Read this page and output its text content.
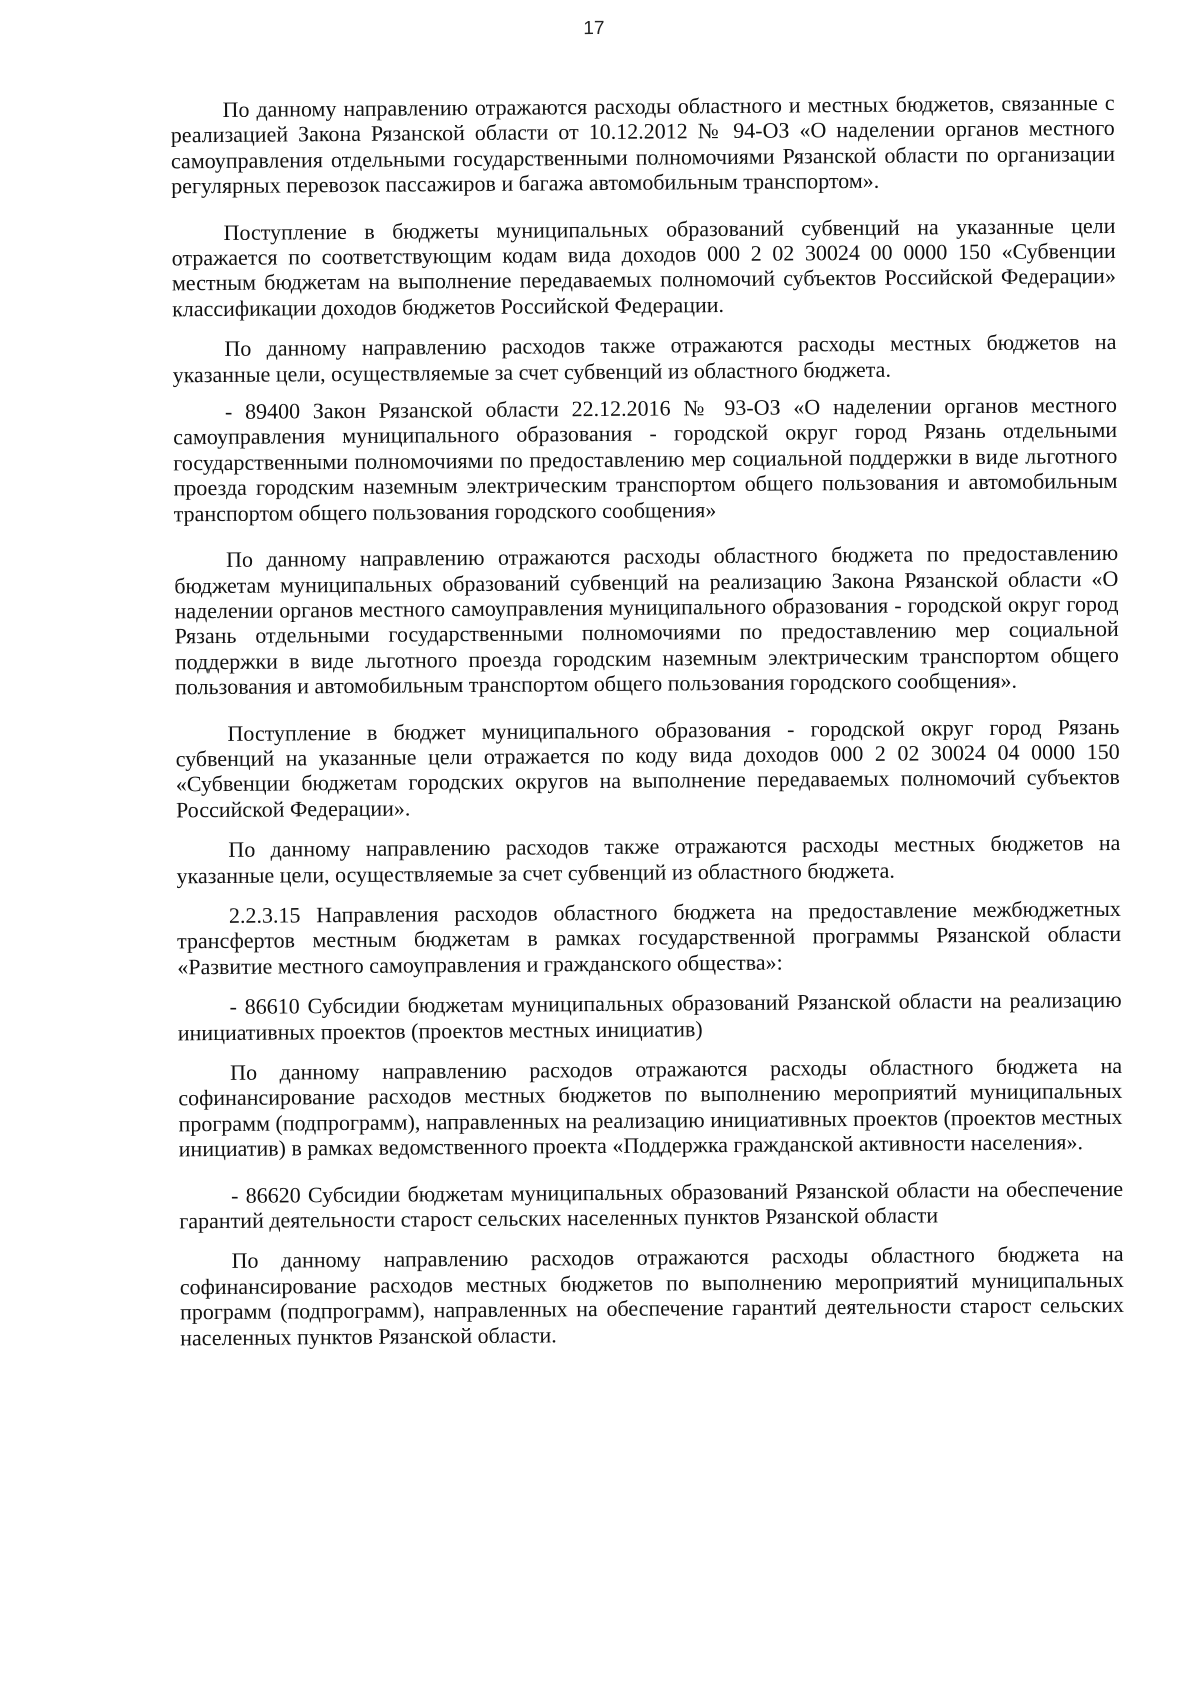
17

По данному направлению отражаются расходы областного и местных бюджетов, связанные с реализацией Закона Рязанской области от 10.12.2012 № 94-ОЗ «О наделении органов местного самоуправления отдельными государственными полномочиями Рязанской области по организации регулярных перевозок пассажиров и багажа автомобильным транспортом».

Поступление в бюджеты муниципальных образований субвенций на указанные цели отражается по соответствующим кодам вида доходов 000 2 02 30024 00 0000 150 «Субвенции местным бюджетам на выполнение передаваемых полномочий субъектов Российской Федерации» классификации доходов бюджетов Российской Федерации.

По данному направлению расходов также отражаются расходы местных бюджетов на указанные цели, осуществляемые за счет субвенций из областного бюджета.

- 89400 Закон Рязанской области 22.12.2016 № 93-ОЗ «О наделении органов местного самоуправления муниципального образования - городской округ город Рязань отдельными государственными полномочиями по предоставлению мер социальной поддержки в виде льготного проезда городским наземным электрическим транспортом общего пользования и автомобильным транспортом общего пользования городского сообщения»

По данному направлению отражаются расходы областного бюджета по предоставлению бюджетам муниципальных образований субвенций на реализацию Закона Рязанской области «О наделении органов местного самоуправления муниципального образования - городской округ город Рязань отдельными государственными полномочиями по предоставлению мер социальной поддержки в виде льготного проезда городским наземным электрическим транспортом общего пользования и автомобильным транспортом общего пользования городского сообщения».

Поступление в бюджет муниципального образования - городской округ город Рязань субвенций на указанные цели отражается по коду вида доходов 000 2 02 30024 04 0000 150 «Субвенции бюджетам городских округов на выполнение передаваемых полномочий субъектов Российской Федерации».

По данному направлению расходов также отражаются расходы местных бюджетов на указанные цели, осуществляемые за счет субвенций из областного бюджета.

2.2.3.15 Направления расходов областного бюджета на предоставление межбюджетных трансфертов местным бюджетам в рамках государственной программы Рязанской области «Развитие местного самоуправления и гражданского общества»:

- 86610 Субсидии бюджетам муниципальных образований Рязанской области на реализацию инициативных проектов (проектов местных инициатив)

По данному направлению расходов отражаются расходы областного бюджета на софинансирование расходов местных бюджетов по выполнению мероприятий муниципальных программ (подпрограмм), направленных на реализацию инициативных проектов (проектов местных инициатив) в рамках ведомственного проекта «Поддержка гражданской активности населения».

- 86620 Субсидии бюджетам муниципальных образований Рязанской области на обеспечение гарантий деятельности старост сельских населенных пунктов Рязанской области

По данному направлению расходов отражаются расходы областного бюджета на софинансирование расходов местных бюджетов по выполнению мероприятий муниципальных программ (подпрограмм), направленных на обеспечение гарантий деятельности старост сельских населенных пунктов Рязанской области.
